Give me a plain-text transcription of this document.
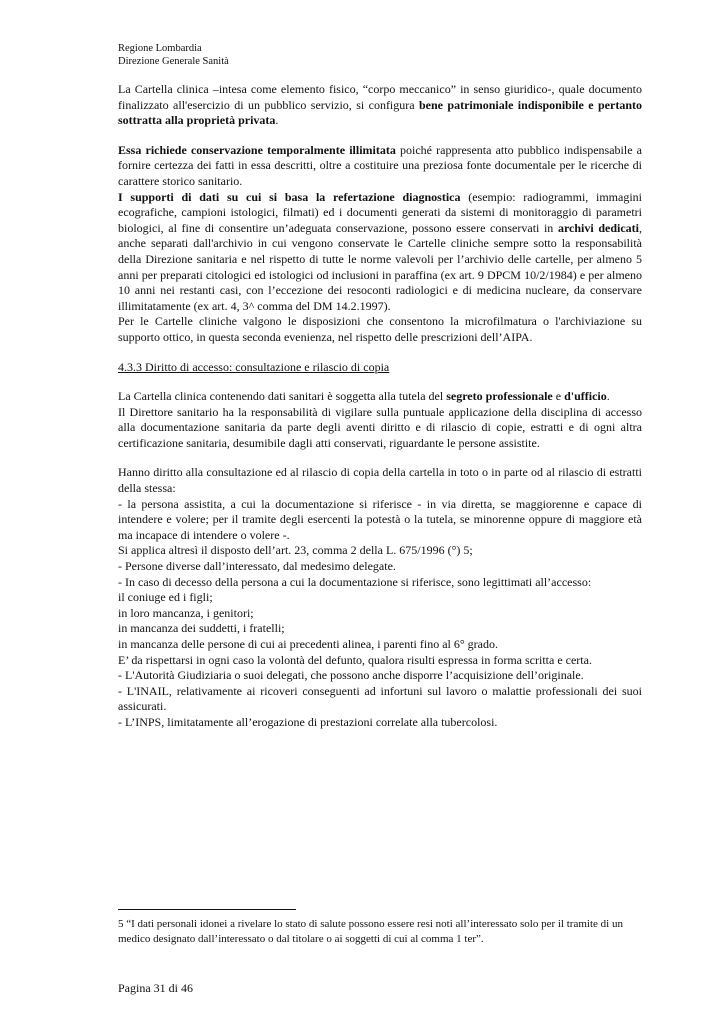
Regione Lombardia
Direzione Generale Sanità

La Cartella clinica –intesa come elemento fisico, “corpo meccanico” in senso giuridico-, quale documento finalizzato all'esercizio di un pubblico servizio, si configura bene patrimoniale indisponibile e pertanto sottratta alla proprietà privata.

Essa richiede conservazione temporalmente illimitata poiché rappresenta atto pubblico indispensabile a fornire certezza dei fatti in essa descritti, oltre a costituire una preziosa fonte documentale per le ricerche di carattere storico sanitario.

I supporti di dati su cui si basa la refertazione diagnostica (esempio: radiogrammi, immagini ecografiche, campioni istologici, filmati) ed i documenti generati da sistemi di monitoraggio di parametri biologici, al fine di consentire un’adeguata conservazione, possono essere conservati in archivi dedicati, anche separati dall'archivio in cui vengono conservate le Cartelle cliniche sempre sotto la responsabilità della Direzione sanitaria e nel rispetto di tutte le norme valevoli per l’archivio delle cartelle, per almeno 5 anni per preparati citologici ed istologici od inclusioni in paraffina (ex art. 9 DPCM 10/2/1984) e per almeno 10 anni nei restanti casi, con l’eccezione dei resoconti radiologici e di medicina nucleare, da conservare illimitatamente (ex art. 4, 3^ comma del DM 14.2.1997).

Per le Cartelle cliniche valgono le disposizioni che consentono la microfilmatura o l'archiviazione su supporto ottico, in questa seconda evenienza, nel rispetto delle prescrizioni dell’AIPA.

4.3.3 Diritto di accesso: consultazione e rilascio di copia

La Cartella clinica contenendo dati sanitari è soggetta alla tutela del segreto professionale e d'ufficio.

Il Direttore sanitario ha la responsabilità di vigilare sulla puntuale applicazione della disciplina di accesso alla documentazione sanitaria da parte degli aventi diritto e di rilascio di copie, estratti e di ogni altra certificazione sanitaria, desumibile dagli atti conservati, riguardante le persone assistite.

Hanno diritto alla consultazione ed al rilascio di copia della cartella in toto o in parte od al rilascio di estratti della stessa:

- la persona assistita, a cui la documentazione si riferisce - in via diretta, se maggiorenne e capace di intendere e volere; per il tramite degli esercenti la potestà o la tutela, se minorenne oppure di maggiore età ma incapace di intendere o volere -.

Si applica altresì il disposto dell’art. 23, comma 2 della L. 675/1996 (°) 5;

- Persone diverse dall’interessato, dal medesimo delegate.

- In caso di decesso della persona a cui la documentazione si riferisce, sono legittimati all’accesso:

il coniuge ed i figli;

in loro mancanza, i genitori;

in mancanza dei suddetti, i fratelli;

in mancanza delle persone di cui ai precedenti alinea, i parenti fino al 6° grado.

E’ da rispettarsi in ogni caso la volontà del defunto, qualora risulti espressa in forma scritta e certa.

- L'Autorità Giudiziaria o suoi delegati, che possono anche disporre l’acquisizione dell’originale.

- L'INAIL, relativamente ai ricoveri conseguenti ad infortuni sul lavoro o malattie professionali dei suoi assicurati.

- L’INPS, limitatamente all’erogazione di prestazioni correlate alla tubercolosi.

5 “I dati personali idonei a rivelare lo stato di salute possono essere resi noti all’interessato solo per il tramite di un medico designato dall’interessato o dal titolare o ai soggetti di cui al comma 1 ter”.
Pagina 31 di 46
